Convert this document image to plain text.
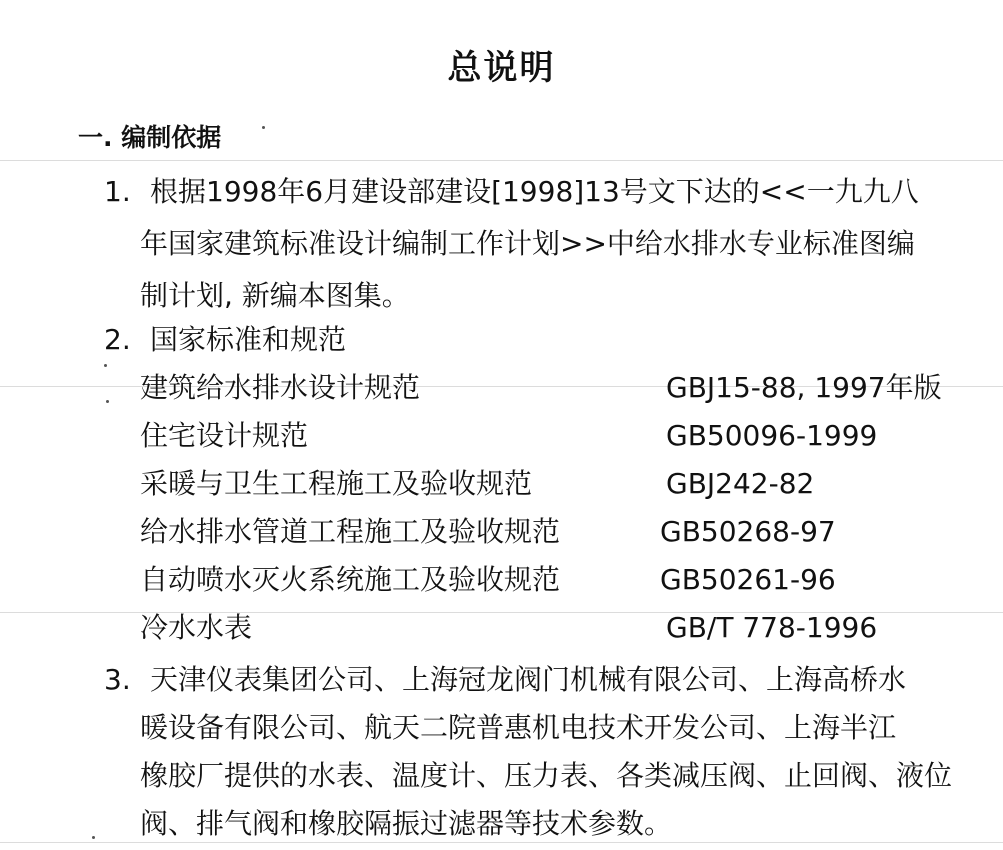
总说明
一. 编制依据
1. 根据1998年6月建设部建设[1998]13号文下达的<<一九九八
年国家建筑标准设计编制工作计划>>中给水排水专业标准图编
制计划, 新编本图集。
2. 国家标准和规范
建筑给水排水设计规范	GBJ15-88, 1997年版
住宅设计规范	GB50096-1999
采暖与卫生工程施工及验收规范	GBJ242-82
给水排水管道工程施工及验收规范	GB50268-97
自动喷水灭火系统施工及验收规范	GB50261-96
冷水水表	GB/T 778-1996
3. 天津仪表集团公司、上海冠龙阀门机械有限公司、上海高桥水
暖设备有限公司、航天二院普惠机电技术开发公司、上海半江
橡胶厂提供的水表、温度计、压力表、各类减压阀、止回阀、液位
阀、排气阀和橡胶隔振过滤器等技术参数。
